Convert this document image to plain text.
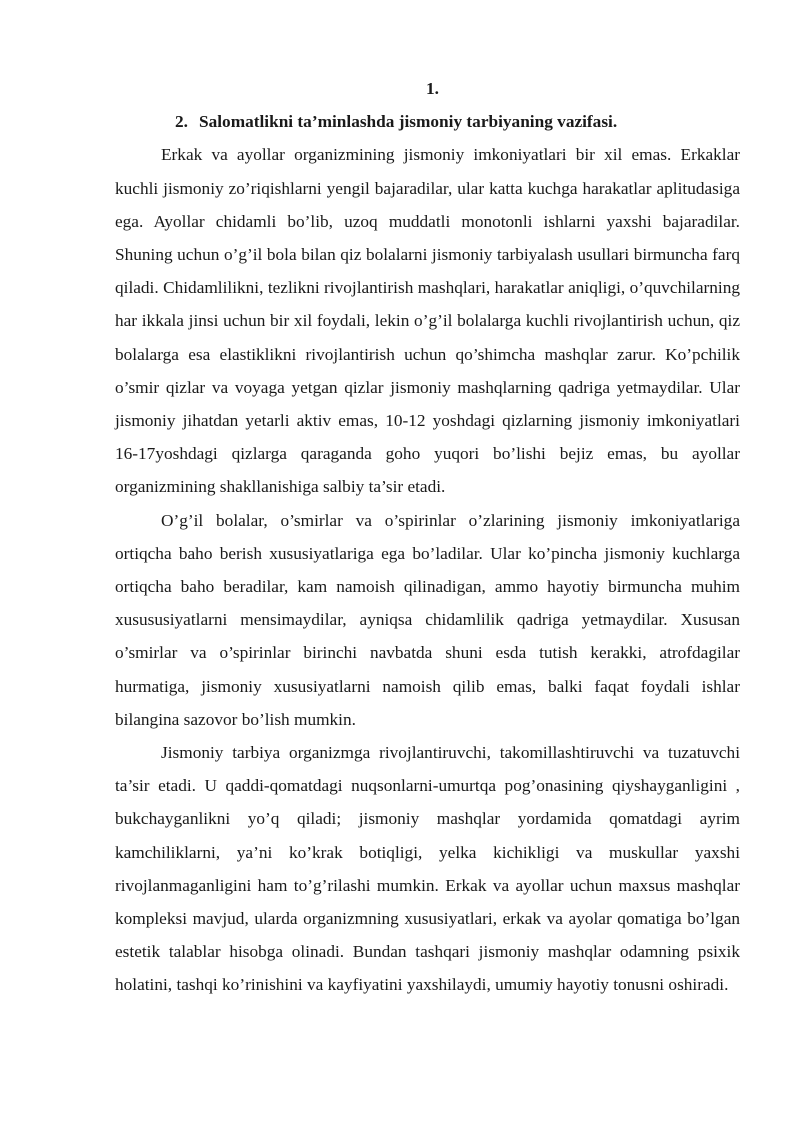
1.

2. Salomatlikni ta’minlashda jismoniy tarbiyaning vazifasi.

Erkak va ayollar organizmining jismoniy imkoniyatlari bir xil emas. Erkaklar kuchli jismoniy zo’riqishlarni yengil bajaradilar, ular katta kuchga harakatlar aplitudasiga ega. Ayollar chidamli bo’lib, uzoq muddatli monotonli ishlarni yaxshi bajaradilar. Shuning uchun o’g’il bola bilan qiz bolalarni jismoniy tarbiyalash usullari birmuncha farq qiladi. Chidamlilikni, tezlikni rivojlantirish mashqlari, harakatlar aniqligi, o’quvchilarning har ikkala jinsi uchun bir xil foydali, lekin o’g’il bolalarga kuchli rivojlantirish uchun, qiz bolalarga esa elastiklikni rivojlantirish uchun qo’shimcha mashqlar zarur. Ko’pchilik o’smir qizlar va voyaga yetgan qizlar jismoniy mashqlarning qadriga yetmaydilar. Ular jismoniy jihatdan yetarli aktiv emas, 10-12 yoshdagi qizlarning jismoniy imkoniyatlari 16-17yoshdagi qizlarga qaraganda goho yuqori bo’lishi bejiz emas, bu ayollar organizmining shakllanishiga salbiy ta’sir etadi.

O’g’il bolalar, o’smirlar va o’spirinlar o’zlarining jismoniy imkoniyatlariga ortiqcha baho berish xususiyatlariga ega bo’ladilar. Ular ko’pincha jismoniy kuchlarga ortiqcha baho beradilar, kam namoish qilinadigan, ammo hayotiy birmuncha muhim xusususiyatlarni mensimaydilar, ayniqsa chidamlilik qadriga yetmaydilar. Xususan o’smirlar va o’spirinlar birinchi navbatda shuni esda tutish kerakki, atrofdagilar hurmatiga, jismoniy xususiyatlarni namoish qilib emas, balki faqat foydali ishlar bilangina sazovor bo’lish mumkin.

Jismoniy tarbiya organizmga rivojlantiruvchi, takomillashtiruvchi va tuzatuvchi ta’sir etadi. U qaddi-qomatdagi nuqsonlarni-umurtqa pog’onasining qiyshayganligini , bukchayganlikni yo’q qiladi; jismoniy mashqlar yordamida qomatdagi ayrim kamchiliklarni, ya’ni ko’krak botiqligi, yelka kichikligi va muskullar yaxshi rivojlanmaganligini ham to’g’rilashi mumkin. Erkak va ayollar uchun maxsus mashqlar kompleksi mavjud, ularda organizmning xususiyatlari, erkak va ayolar qomatiga bo’lgan estetik talablar hisobga olinadi. Bundan tashqari jismoniy mashqlar odamning psixik holatini, tashqi ko’rinishini va kayfiyatini yaxshilaydi, umumiy hayotiy tonusni oshiradi.
